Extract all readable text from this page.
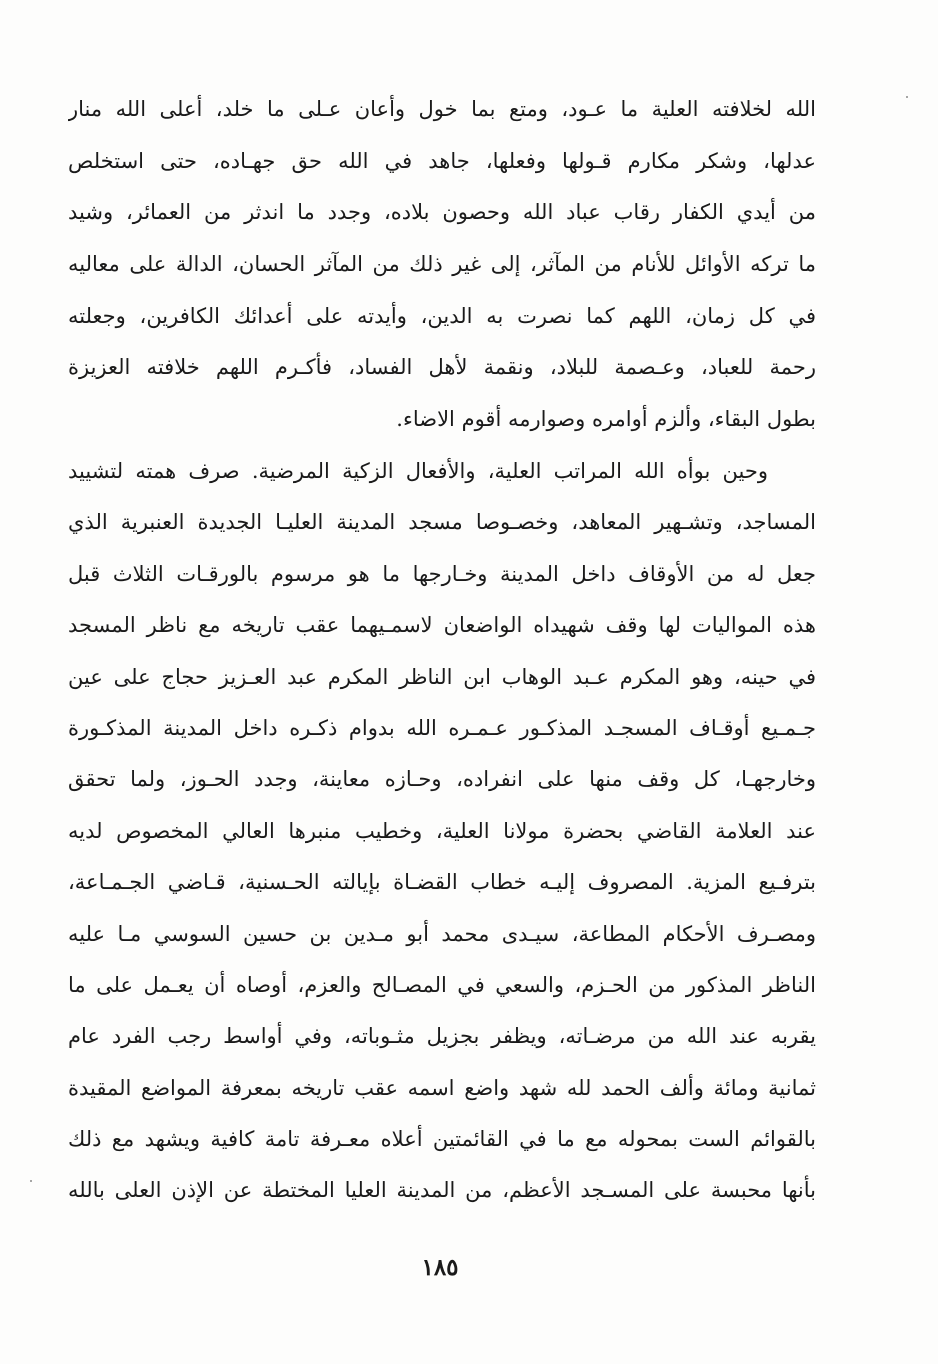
الله لخلافته العلية ما عـود، ومتع بما خول وأعان عـلى ما خلد، أعلى الله منار
عدلها، وشكر مكارم قـولها وفعلها، جاهد في الله حق جهـاده، حتى استخلص
من أيدي الكفار رقاب عباد الله وحصون بلاده، وجدد ما اندثر من العمائر، وشيد
ما تركه الأوائل للأنام من المآثر، إلى غير ذلك من المآثر الحسان، الدالة على معاليه
في كل زمان، اللهم كما نصرت به الدين، وأيدته على أعدائك الكافرين، وجعلته
رحمة للعباد، وعـصمة للبلاد، ونقمة لأهل الفساد، فأكـرم اللهم خلافته العزيزة
بطول البقاء، وألزم أوامره وصوارمه أقوم الاضاء.
وحين بوأه الله المراتب العلية، والأفعال الزكية المرضية. صرف همته لتشييد
المساجد، وتشـهير المعاهد، وخصـوصا مسجد المدينة العليـا الجديدة العنبرية الذي
جعل له من الأوقاف داخل المدينة وخـارجها ما هو مرسوم بالورقـات الثلاث قبل
هذه المواليات لها وقف شهيداه الواضعان لاسمـيهما عقب تاريخه مع ناظر المسجد
في حينه، وهو المكرم عـبد الوهاب ابن الناظر المكرم عبد العـزيز حجاج على عين
جـمـيع أوقـاف المسجـد المذكـور عـمـره الله بدوام ذكـره داخل المدينة المذكـورة
وخارجهـا، كل وقف منها على انفراده، وحـازه معاينة، وجدد الحـوز، ولما تحقق
عند العلامة القاضي بحضرة مولانا العلية، وخطيب منبرها العالي المخصوص لديه
بترفـيع المزية. المصروف إليـه خطاب القضـاة بإيالته الحـسنية، قـاضي الجـمـاعة،
ومصـرف الأحكام المطاعة، سيـدى محمد أبو مـدين بن حسين السوسي مـا عليه
الناظر المذكور من الحـزم، والسعي في المصـالح والعزم، أوصاه أن يعـمل على ما
يقربه عند الله من مرضـاته، ويظفر بجزيل مثـوباته، وفي أواسط رجب الفرد عام
ثمانية ومائة وألف الحمد لله شهد واضع اسمه عقب تاريخه بمعرفة المواضع المقيدة
بالقوائم الست بمحوله مع ما في القائمتين أعلاه معـرفة تامة كافية ويشهد مع ذلك
بأنها محبسة على المسـجد الأعظم، من المدينة العليا المختطة عن الإذن العلى بالله
١٨٥
